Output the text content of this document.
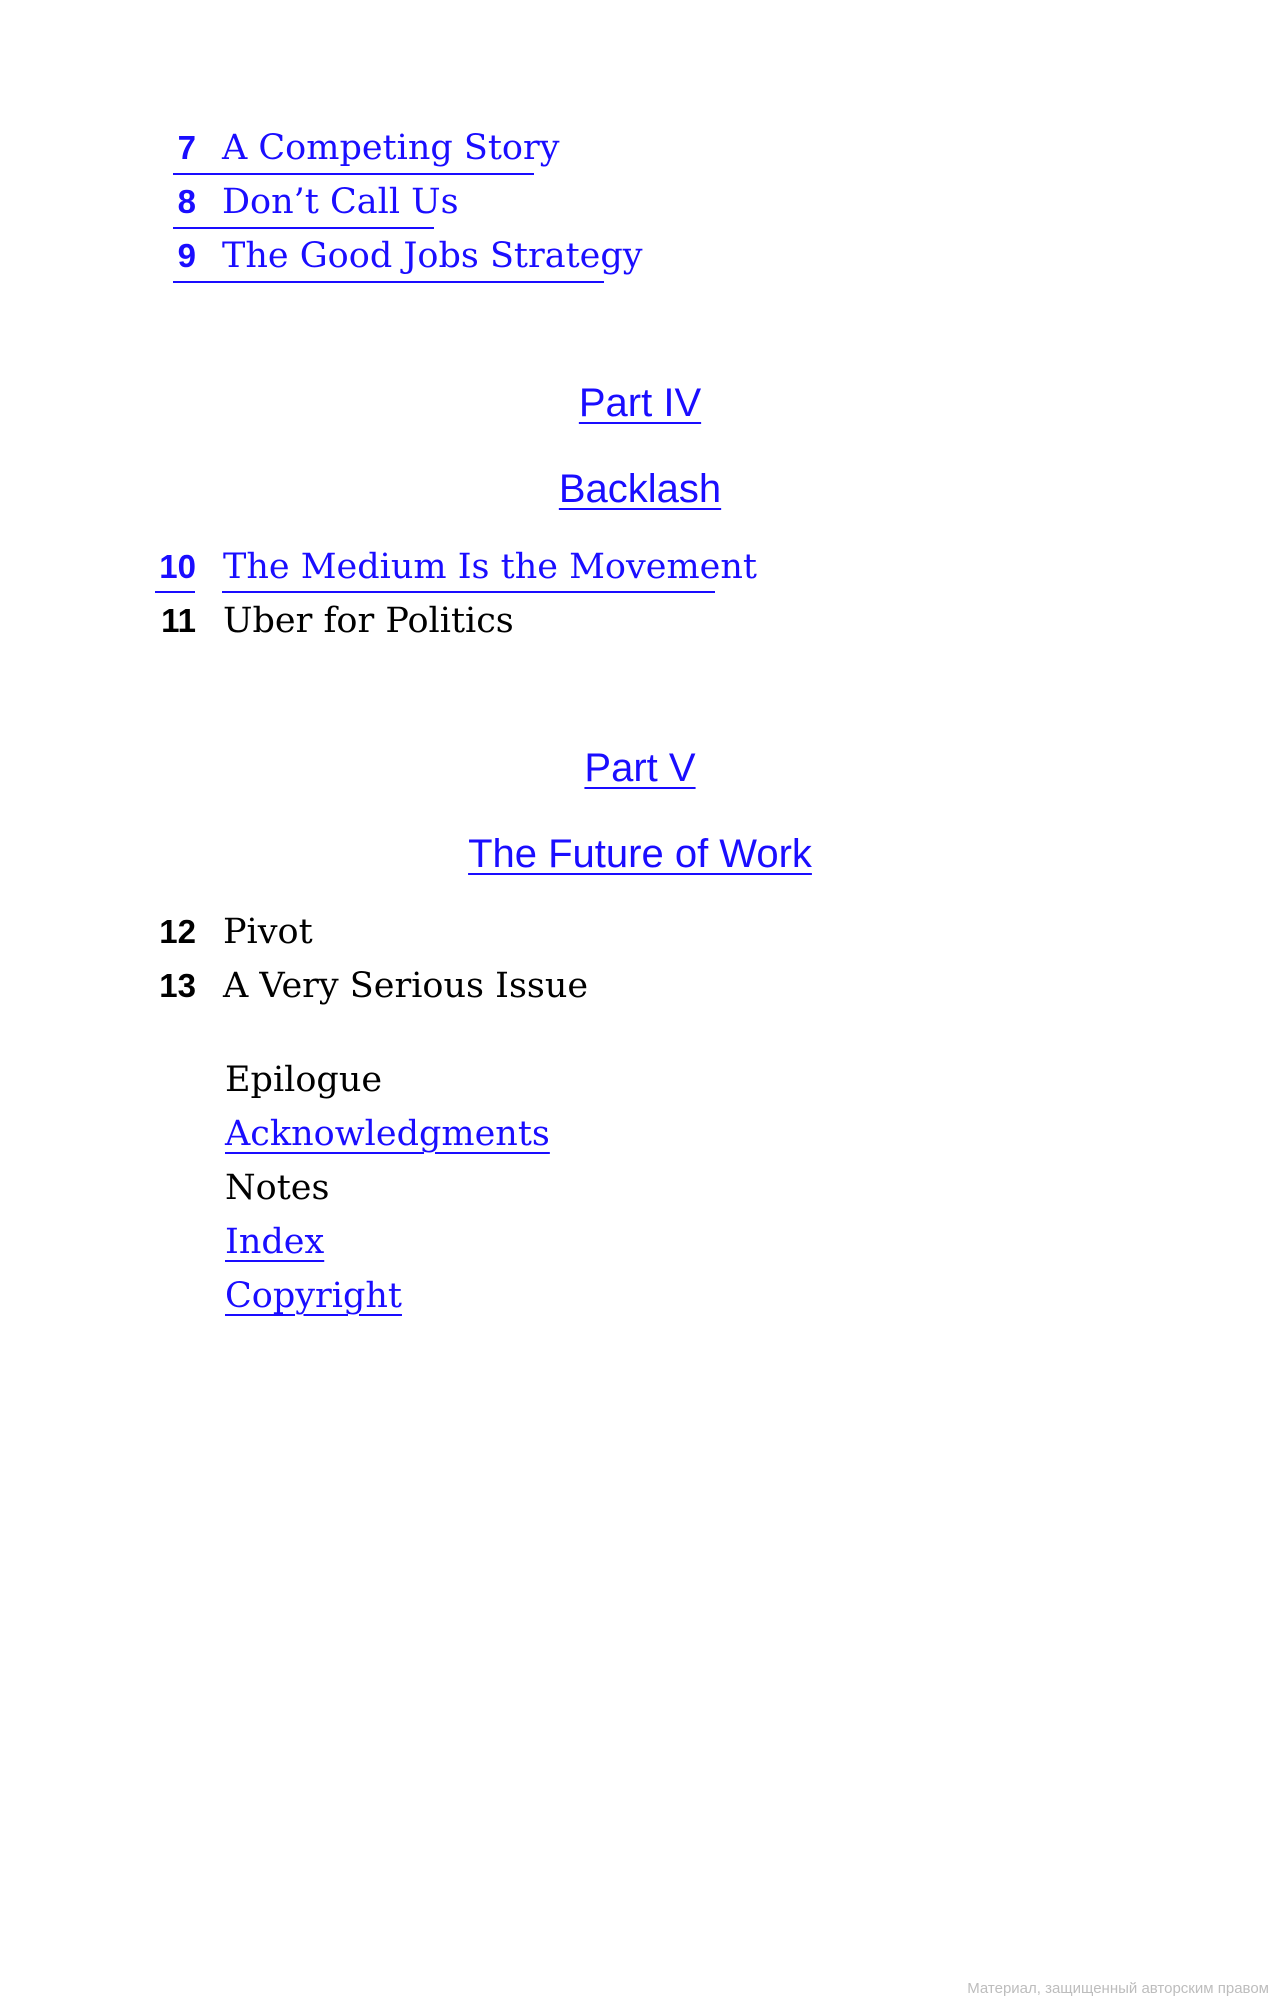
7 A Competing Story
8 Don’t Call Us
9 The Good Jobs Strategy
Part IV
Backlash
10 The Medium Is the Movement
11 Uber for Politics
Part V
The Future of Work
12 Pivot
13 A Very Serious Issue
Epilogue
Acknowledgments
Notes
Index
Copyright
Материал, защищенный авторским правом
